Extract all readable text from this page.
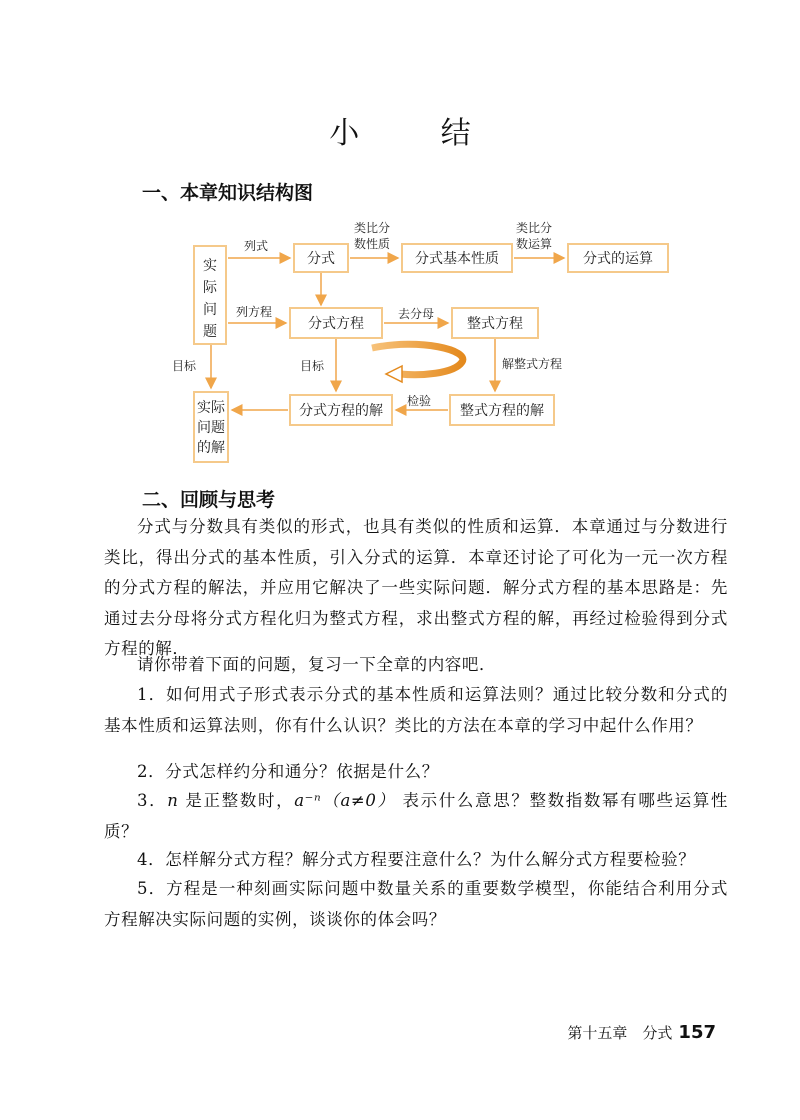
小 结
一、本章知识结构图
实
际
问
题
分式	分式基本性质	分式的运算
分式方程	整式方程
分式方程的解	整式方程的解
实际
问题
的解
列式
类比分
数性质
类比分
数运算
列方程	去分母
解整式方程
检验
目标	目标
二、回顾与思考
分式与分数具有类似的形式，也具有类似的性质和运算．本章通过与分数进行类比，得出分式的基本性质，引入分式的运算．本章还讨论了可化为一元一次方程的分式方程的解法，并应用它解决了一些实际问题．解分式方程的基本思路是：先通过去分母将分式方程化归为整式方程，求出整式方程的解，再经过检验得到分式方程的解．
请你带着下面的问题，复习一下全章的内容吧．
1．如何用式子形式表示分式的基本性质和运算法则？通过比较分数和分式的基本性质和运算法则，你有什么认识？类比的方法在本章的学习中起什么作用？
2．分式怎样约分和通分？依据是什么？
3．n 是正整数时，a⁻ⁿ（a≠0） 表示什么意思？整数指数幂有哪些运算性质？
4．怎样解分式方程？解分式方程要注意什么？为什么解分式方程要检验？
5．方程是一种刻画实际问题中数量关系的重要数学模型，你能结合利用分式方程解决实际问题的实例，谈谈你的体会吗？
第十五章　分式 157
